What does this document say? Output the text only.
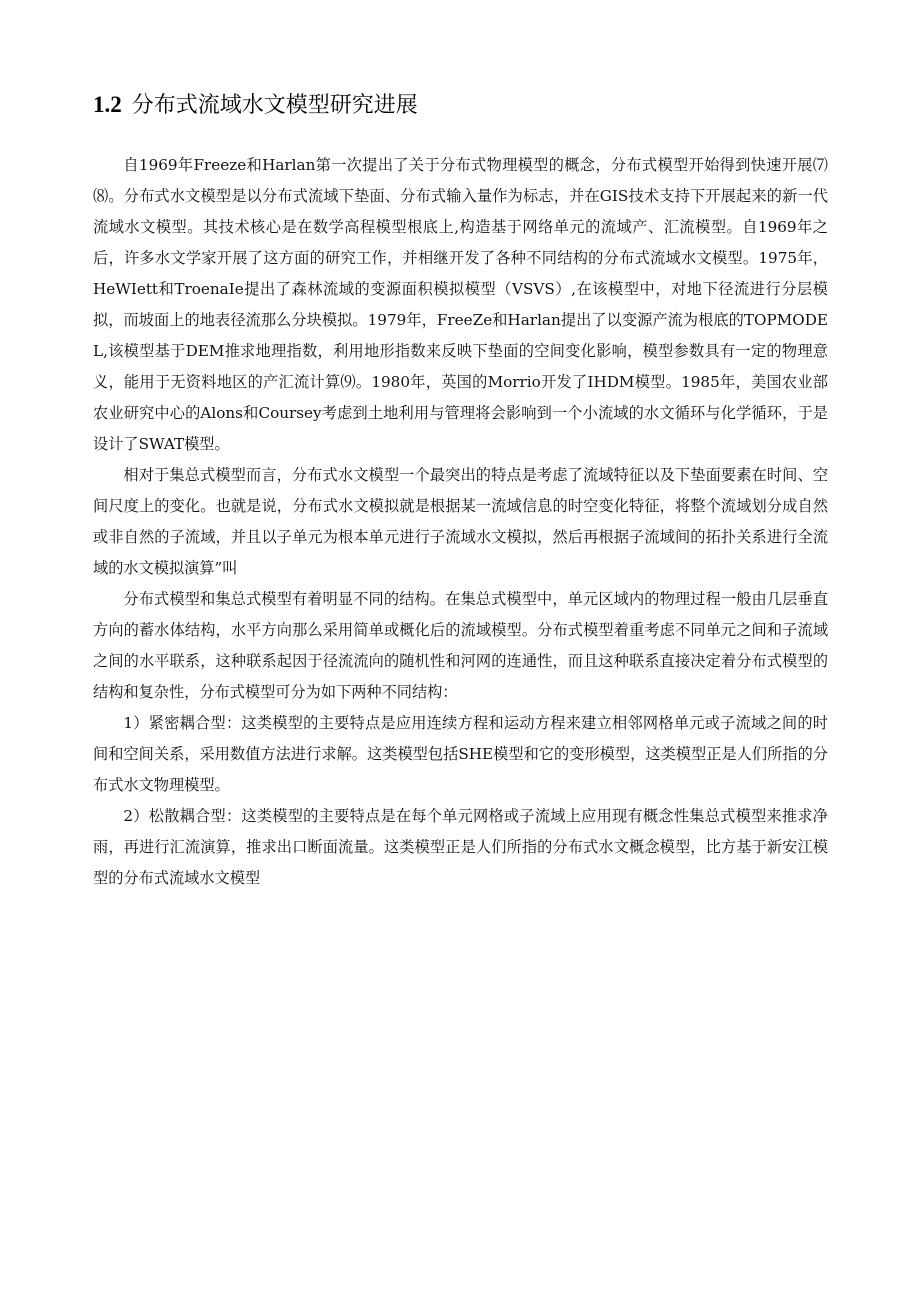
1.2 分布式流域水文模型研究进展

自1969年Freeze和Harlan第一次提出了关于分布式物理模型的概念，分布式模型开始得到快速开展⑺⑻。分布式水文模型是以分布式流域下垫面、分布式输入量作为标志，并在GIS技术支持下开展起来的新一代流域水文模型。其技术核心是在数学高程模型根底上,构造基于网络单元的流域产、汇流模型。自1969年之后，许多水文学家开展了这方面的研究工作，并相继开发了各种不同结构的分布式流域水文模型。1975年，HeWIett和TroenaIe提出了森林流域的变源面积模拟模型（VSVS）,在该模型中，对地下径流进行分层模拟，而坡面上的地表径流那么分块模拟。1979年，FreeZe和Harlan提出了以变源产流为根底的TOPMODEL,该模型基于DEM推求地理指数，利用地形指数来反映下垫面的空间变化影响，模型参数具有一定的物理意义，能用于无资料地区的产汇流计算⑼。1980年，英国的Morrio开发了IHDM模型。1985年，美国农业部农业研究中心的Alons和Coursey考虑到土地利用与管理将会影响到一个小流域的水文循环与化学循环，于是设计了SWAT模型。

相对于集总式模型而言，分布式水文模型一个最突出的特点是考虑了流域特征以及下垫面要素在时间、空间尺度上的变化。也就是说，分布式水文模拟就是根据某一流域信息的时空变化特征，将整个流域划分成自然或非自然的子流域，并且以子单元为根本单元进行子流域水文模拟，然后再根据子流域间的拓扑关系进行全流域的水文模拟演算”叫

分布式模型和集总式模型有着明显不同的结构。在集总式模型中，单元区域内的物理过程一般由几层垂直方向的蓄水体结构，水平方向那么采用简单或概化后的流域模型。分布式模型着重考虑不同单元之间和子流域之间的水平联系，这种联系起因于径流流向的随机性和河网的连通性，而且这种联系直接决定着分布式模型的结构和复杂性，分布式模型可分为如下两种不同结构：

1）紧密耦合型：这类模型的主要特点是应用连续方程和运动方程来建立相邻网格单元或子流域之间的时间和空间关系，采用数值方法进行求解。这类模型包括SHE模型和它的变形模型，这类模型正是人们所指的分布式水文物理模型。

2）松散耦合型：这类模型的主要特点是在每个单元网格或子流域上应用现有概念性集总式模型来推求净雨，再进行汇流演算，推求出口断面流量。这类模型正是人们所指的分布式水文概念模型，比方基于新安江模型的分布式流域水文模型
